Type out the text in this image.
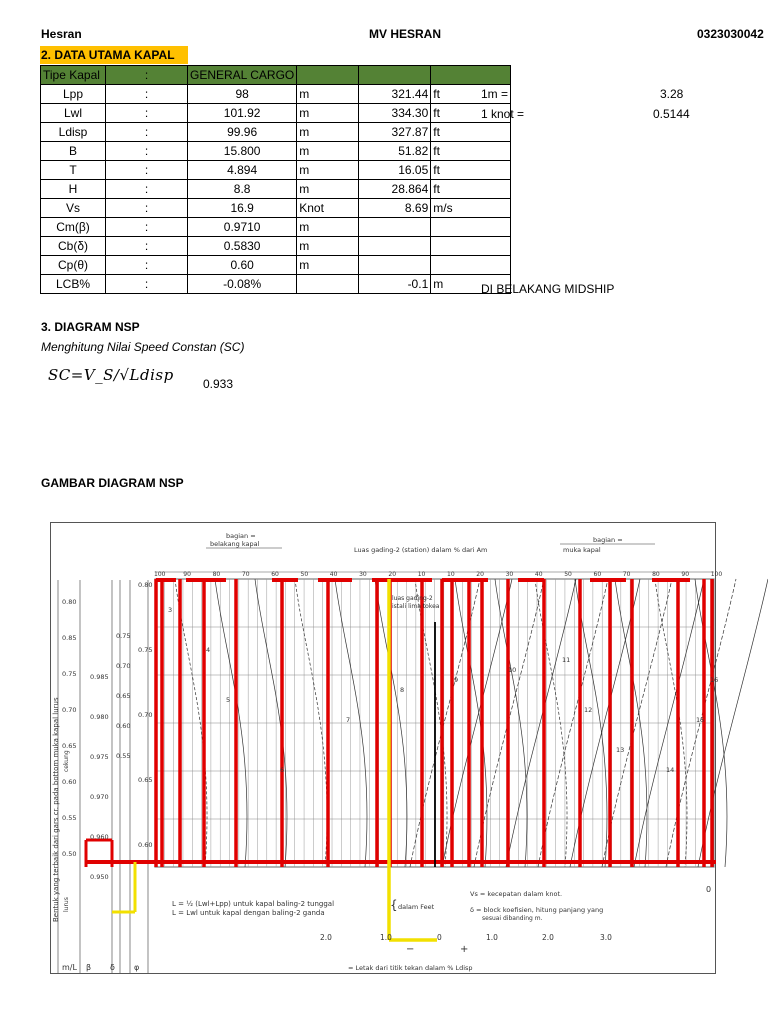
Hesran	MV HESRAN	0323030042
2. DATA UTAMA KAPAL
Tipe Kapal	:	GENERAL CARGO			
Lpp	:	98	m	321.44	ft
Lwl	:	101.92	m	334.30	ft
Ldisp	:	99.96	m	327.87	ft
B	:	15.800	m	51.82	ft
T	:	4.894	m	16.05	ft
H	:	8.8	m	28.864	ft
Vs	:	16.9	Knot	8.69	m/s
Cm(β)	:	0.9710	m		
Cb(δ)	:	0.5830	m		
Cp(θ)	:	0.60	m		
LCB%	:	-0.08%		-0.1	m
1m =	3.28
1 knot =	0.5144
DI BELAKANG MIDSHIP
3. DIAGRAM NSP
Menghitung Nilai Speed Constan (SC)
SC=V_S/√Ldisp 0.933
GAMBAR DIAGRAM NSP
bagian =
belakang kapal
Luas gading-2 (station) dalam % dari Am
bagian =
muka kapal
100	90	80	70	60	50	40	30	20	10	10	20	30	40	50	60	70	80	90	100
luas gading-2
istali lima tokea
0.80
0.85
0.75
0.70
0.65
0.60
0.55
0.50
0.75
0.70
0.65
0.60
0.55
0.985
0.980
0.975
0.970
0.960
0.950
0.80
0.75
0.70
0.65
0.60
Bentuk yang terbaik dari gars cr. pada bottom muka kapal lurus cekung
lurus
3
4
5
6
7
8
9
10
11
12
13
14
15
16
L = ½ (Lwl+Lpp) untuk kapal baling-2 tunggal
L = Lwl untuk kapal dengan baling-2 ganda
{ dalam Feet
Vs = kecepatan dalam knot.
δ = block koefisien, hitung panjang yang
sesuai dibanding m.
2.0	1.0	0	1.0	2.0	3.0
−	+
= Letak dari titik tekan dalam % Ldisp
m/L β δ φ
0
